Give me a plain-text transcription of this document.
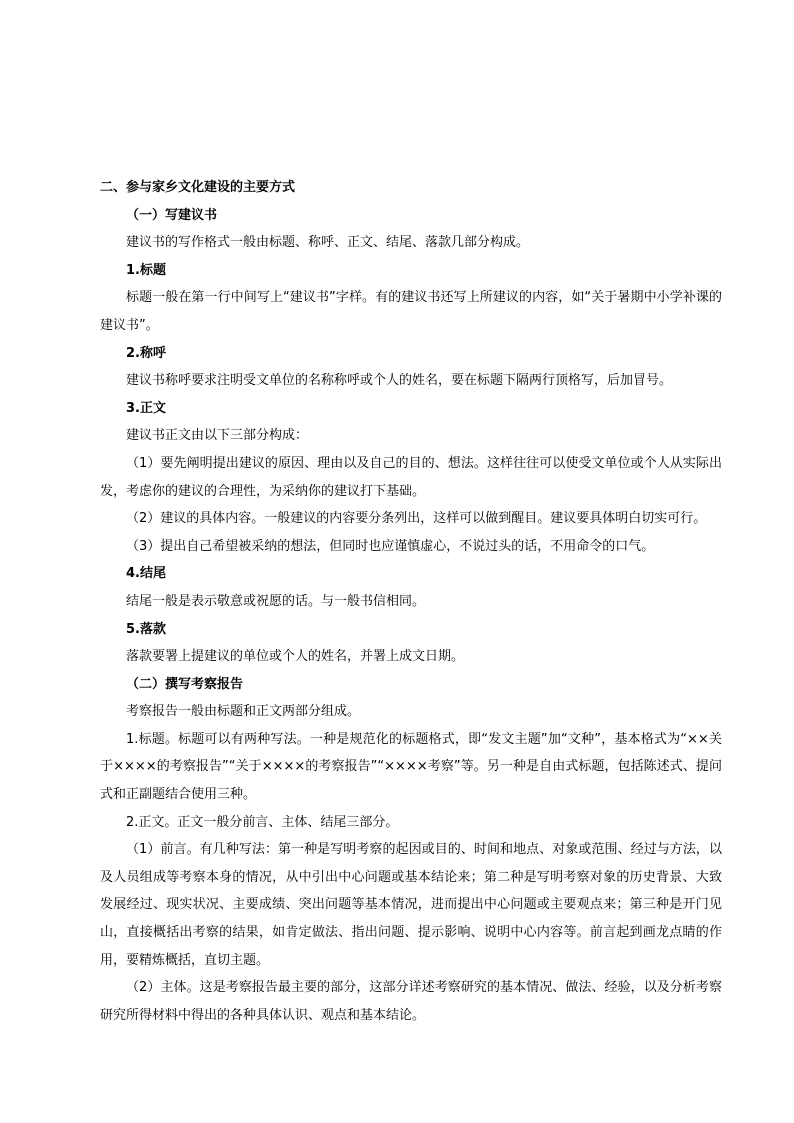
二、参与家乡文化建设的主要方式
（一）写建议书
建议书的写作格式一般由标题、称呼、正文、结尾、落款几部分构成。
1.标题
标题一般在第一行中间写上“建议书”字样。有的建议书还写上所建议的内容，如“关于暑期中小学补课的建议书”。
2.称呼
建议书称呼要求注明受文单位的名称称呼或个人的姓名，要在标题下隔两行顶格写，后加冒号。
3.正文
建议书正文由以下三部分构成：
（1）要先阐明提出建议的原因、理由以及自己的目的、想法。这样往往可以使受文单位或个人从实际出发，考虑你的建议的合理性，为采纳你的建议打下基础。
（2）建议的具体内容。一般建议的内容要分条列出，这样可以做到醒目。建议要具体明白切实可行。
（3）提出自己希望被采纳的想法，但同时也应谨慎虚心，不说过头的话，不用命令的口气。
4.结尾
结尾一般是表示敬意或祝愿的话。与一般书信相同。
5.落款
落款要署上提建议的单位或个人的姓名，并署上成文日期。
（二）撰写考察报告
考察报告一般由标题和正文两部分组成。
1.标题。标题可以有两种写法。一种是规范化的标题格式，即“发文主题”加“文种”，基本格式为“××关于××××的考察报告”“关于××××的考察报告”“××××考察”等。另一种是自由式标题，包括陈述式、提问式和正副题结合使用三种。
2.正文。正文一般分前言、主体、结尾三部分。
（1）前言。有几种写法：第一种是写明考察的起因或目的、时间和地点、对象或范围、经过与方法，以及人员组成等考察本身的情况，从中引出中心问题或基本结论来；第二种是写明考察对象的历史背景、大致发展经过、现实状况、主要成绩、突出问题等基本情况，进而提出中心问题或主要观点来；第三种是开门见山，直接概括出考察的结果，如肯定做法、指出问题、提示影响、说明中心内容等。前言起到画龙点睛的作用，要精炼概括，直切主题。
（2）主体。这是考察报告最主要的部分，这部分详述考察研究的基本情况、做法、经验，以及分析考察研究所得材料中得出的各种具体认识、观点和基本结论。
